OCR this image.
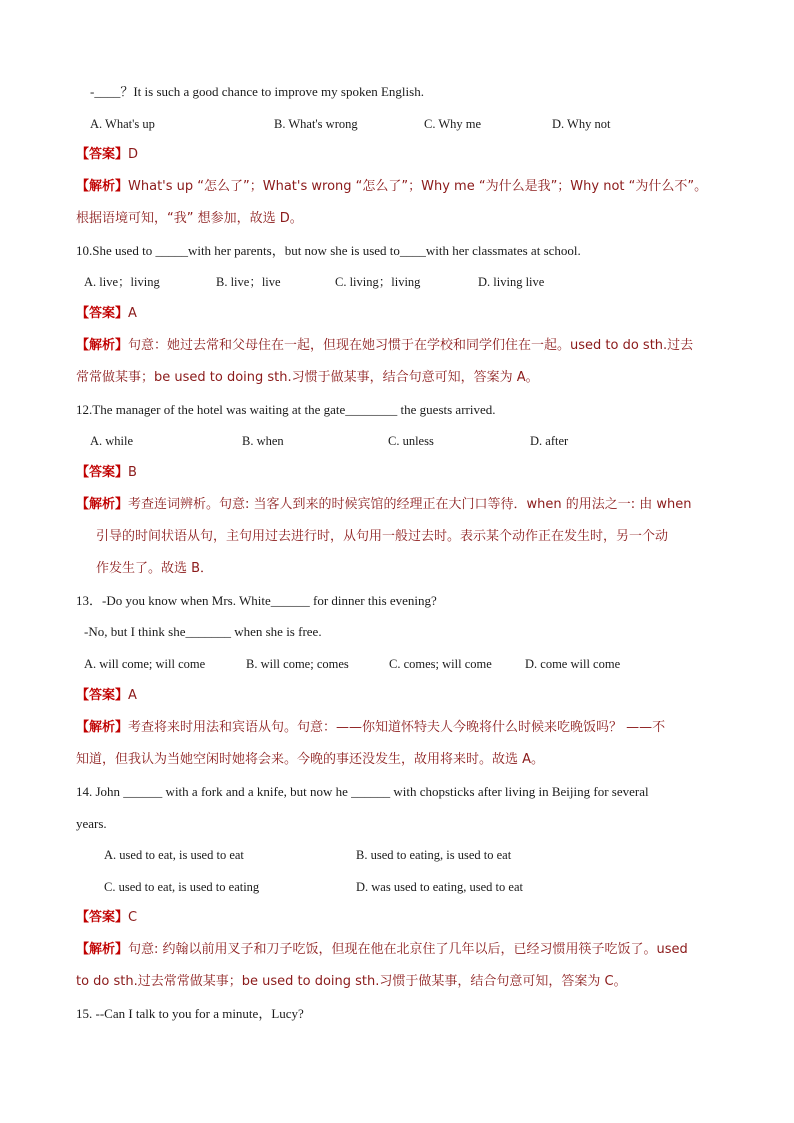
-____？It is such a good chance to improve my spoken English.
A. What's up	B. What's wrong	C. Why me	D. Why not
【答案】D
【解析】What's up “怎么了”；What's wrong “怎么了”；Why me “为什么是我”；Why not “为什么不”。
根据语境可知，“我” 想参加，故选 D。
10.She used to _____with her parents，but now she is used to____with her classmates at school.
A. live；living	B. live；live	C. living；living	D. living live
【答案】A
【解析】句意：她过去常和父母住在一起，但现在她习惯于在学校和同学们住在一起。used to do sth.过去
常常做某事；be used to doing sth.习惯于做某事，结合句意可知，答案为 A。
12.The manager of the hotel was waiting at the gate________ the guests arrived.
A. while	B. when	C. unless	D. after
【答案】B
【解析】考查连词辨析。句意: 当客人到来的时候宾馆的经理正在大门口等待．when 的用法之一: 由 when
引导的时间状语从句，主句用过去进行时，从句用一般过去时。表示某个动作正在发生时，另一个动
作发生了。故选 B．
13．-Do you know when Mrs. White______ for dinner this evening?
-No, but I think she_______ when she is free.
A. will come; will come	B. will come; comes	C. comes; will come	D. come will come
【答案】A
【解析】考查将来时用法和宾语从句。句意：——你知道怀特夫人今晚将什么时候来吃晚饭吗？ ——不
知道，但我认为当她空闲时她将会来。今晚的事还没发生，故用将来时。故选 A。
14. John ______ with a fork and a knife, but now he ______ with chopsticks after living in Beijing for several
years.
A. used to eat, is used to eat	B. used to eating, is used to eat
C. used to eat, is used to eating	D. was used to eating, used to eat
【答案】C
【解析】句意: 约翰以前用叉子和刀子吃饭，但现在他在北京住了几年以后，已经习惯用筷子吃饭了。used
to do sth.过去常常做某事；be used to doing sth.习惯于做某事，结合句意可知，答案为 C。
15. --Can I talk to you for a minute，Lucy?
